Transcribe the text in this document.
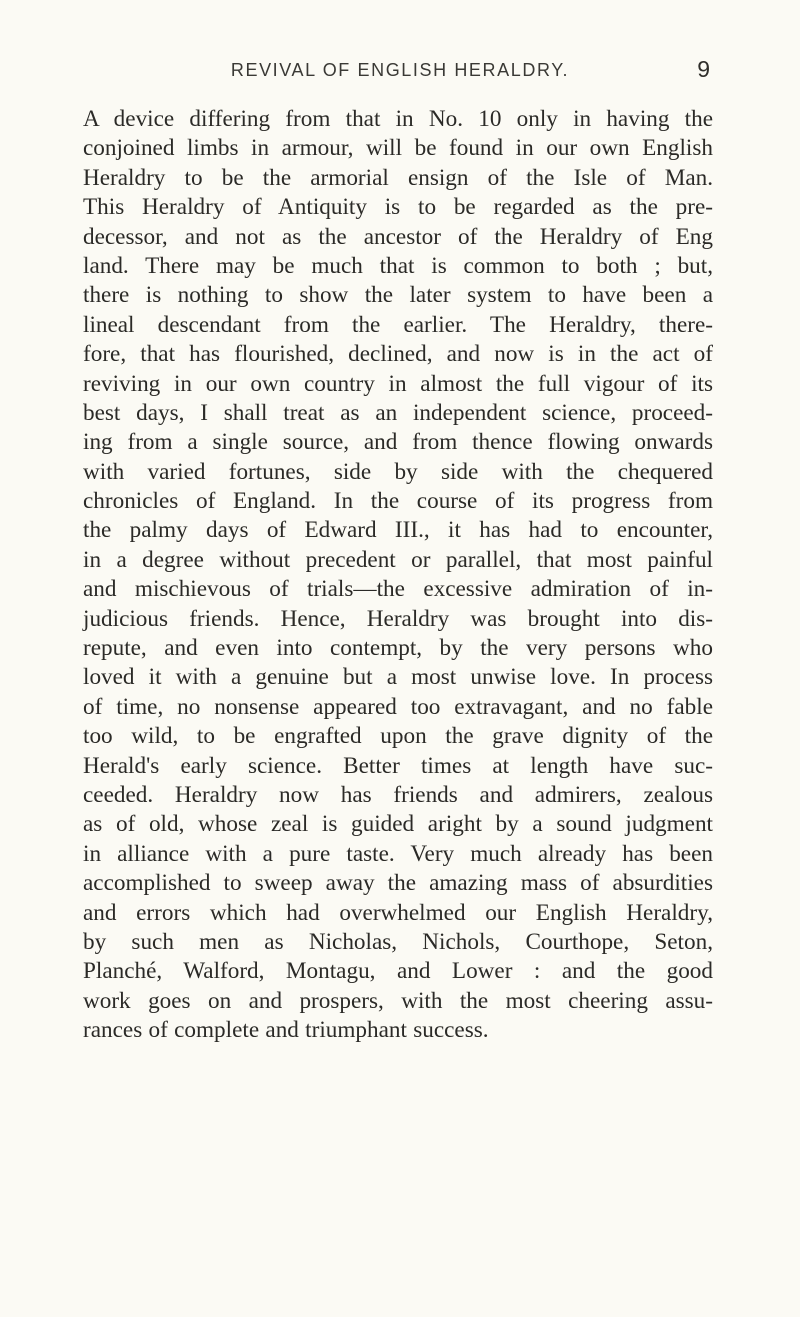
REVIVAL OF ENGLISH HERALDRY.	9
A device differing from that in No. 10 only in having the
conjoined limbs in armour, will be found in our own English
Heraldry to be the armorial ensign of the Isle of Man.
This Heraldry of Antiquity is to be regarded as the pre-
decessor, and not as the ancestor of the Heraldry of Eng
land. There may be much that is common to both ; but,
there is nothing to show the later system to have been a
lineal descendant from the earlier. The Heraldry, there-
fore, that has flourished, declined, and now is in the act of
reviving in our own country in almost the full vigour of its
best days, I shall treat as an independent science, proceed-
ing from a single source, and from thence flowing onwards
with varied fortunes, side by side with the chequered
chronicles of England. In the course of its progress from
the palmy days of Edward III., it has had to encounter,
in a degree without precedent or parallel, that most painful
and mischievous of trials—the excessive admiration of in-
judicious friends. Hence, Heraldry was brought into dis-
repute, and even into contempt, by the very persons who
loved it with a genuine but a most unwise love. In process
of time, no nonsense appeared too extravagant, and no fable
too wild, to be engrafted upon the grave dignity of the
Herald's early science. Better times at length have suc-
ceeded. Heraldry now has friends and admirers, zealous
as of old, whose zeal is guided aright by a sound judgment
in alliance with a pure taste. Very much already has been
accomplished to sweep away the amazing mass of absurdities
and errors which had overwhelmed our English Heraldry,
by such men as Nicholas, Nichols, Courthope, Seton,
Planché, Walford, Montagu, and Lower : and the good
work goes on and prospers, with the most cheering assu-
rances of complete and triumphant success.
